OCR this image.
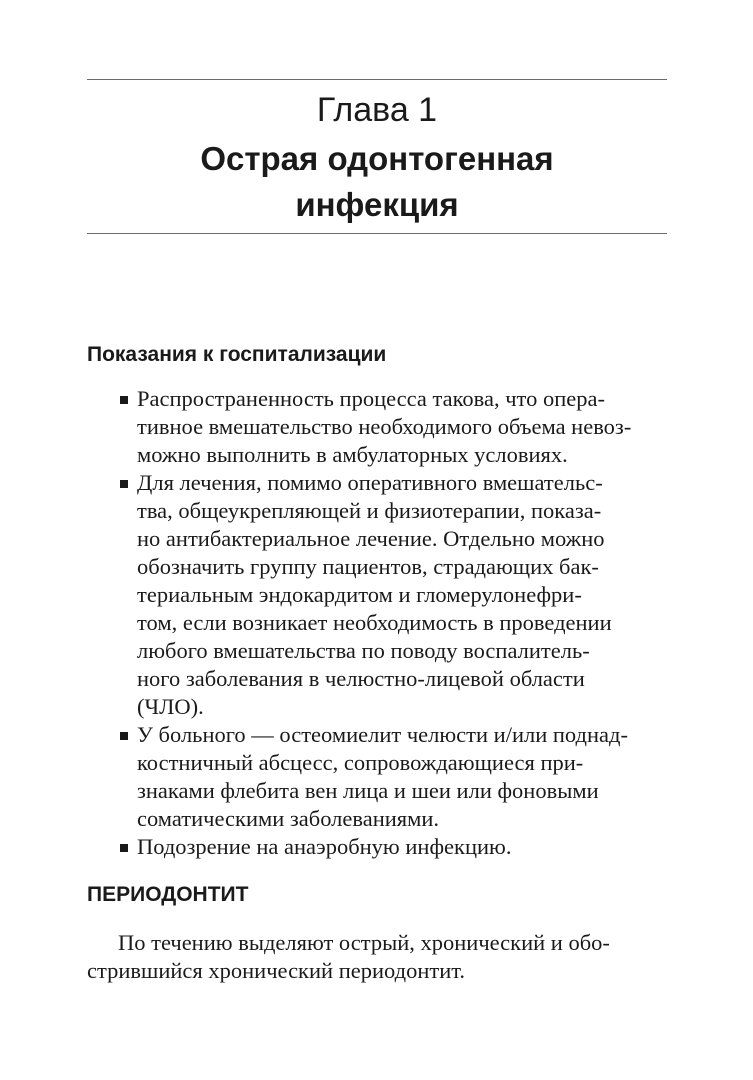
Глава 1
Острая одонтогенная
инфекция
Показания к госпитализации

Распространенность процесса такова, что опера-

тивное вмешательство необходимого объема невоз-

можно выполнить в амбулаторных условиях.

Для лечения, помимо оперативного вмешательс-

тва, общеукрепляющей и физиотерапии, показа-

но антибактериальное лечение. Отдельно можно

обозначить группу пациентов, страдающих бак-

териальным эндокардитом и гломерулонефри-

том, если возникает необходимость в проведении

любого вмешательства по поводу воспалитель-

ного заболевания в челюстно-лицевой области

(ЧЛО).

У больного — остеомиелит челюсти и/или поднад-

костничный абсцесс, сопровождающиеся при-

знаками флебита вен лица и шеи или фоновыми

соматическими заболеваниями.

Подозрение на анаэробную инфекцию.

ПЕРИОДОНТИТ

По течению выделяют острый, хронический и обо-

стрившийся хронический периодонтит.
